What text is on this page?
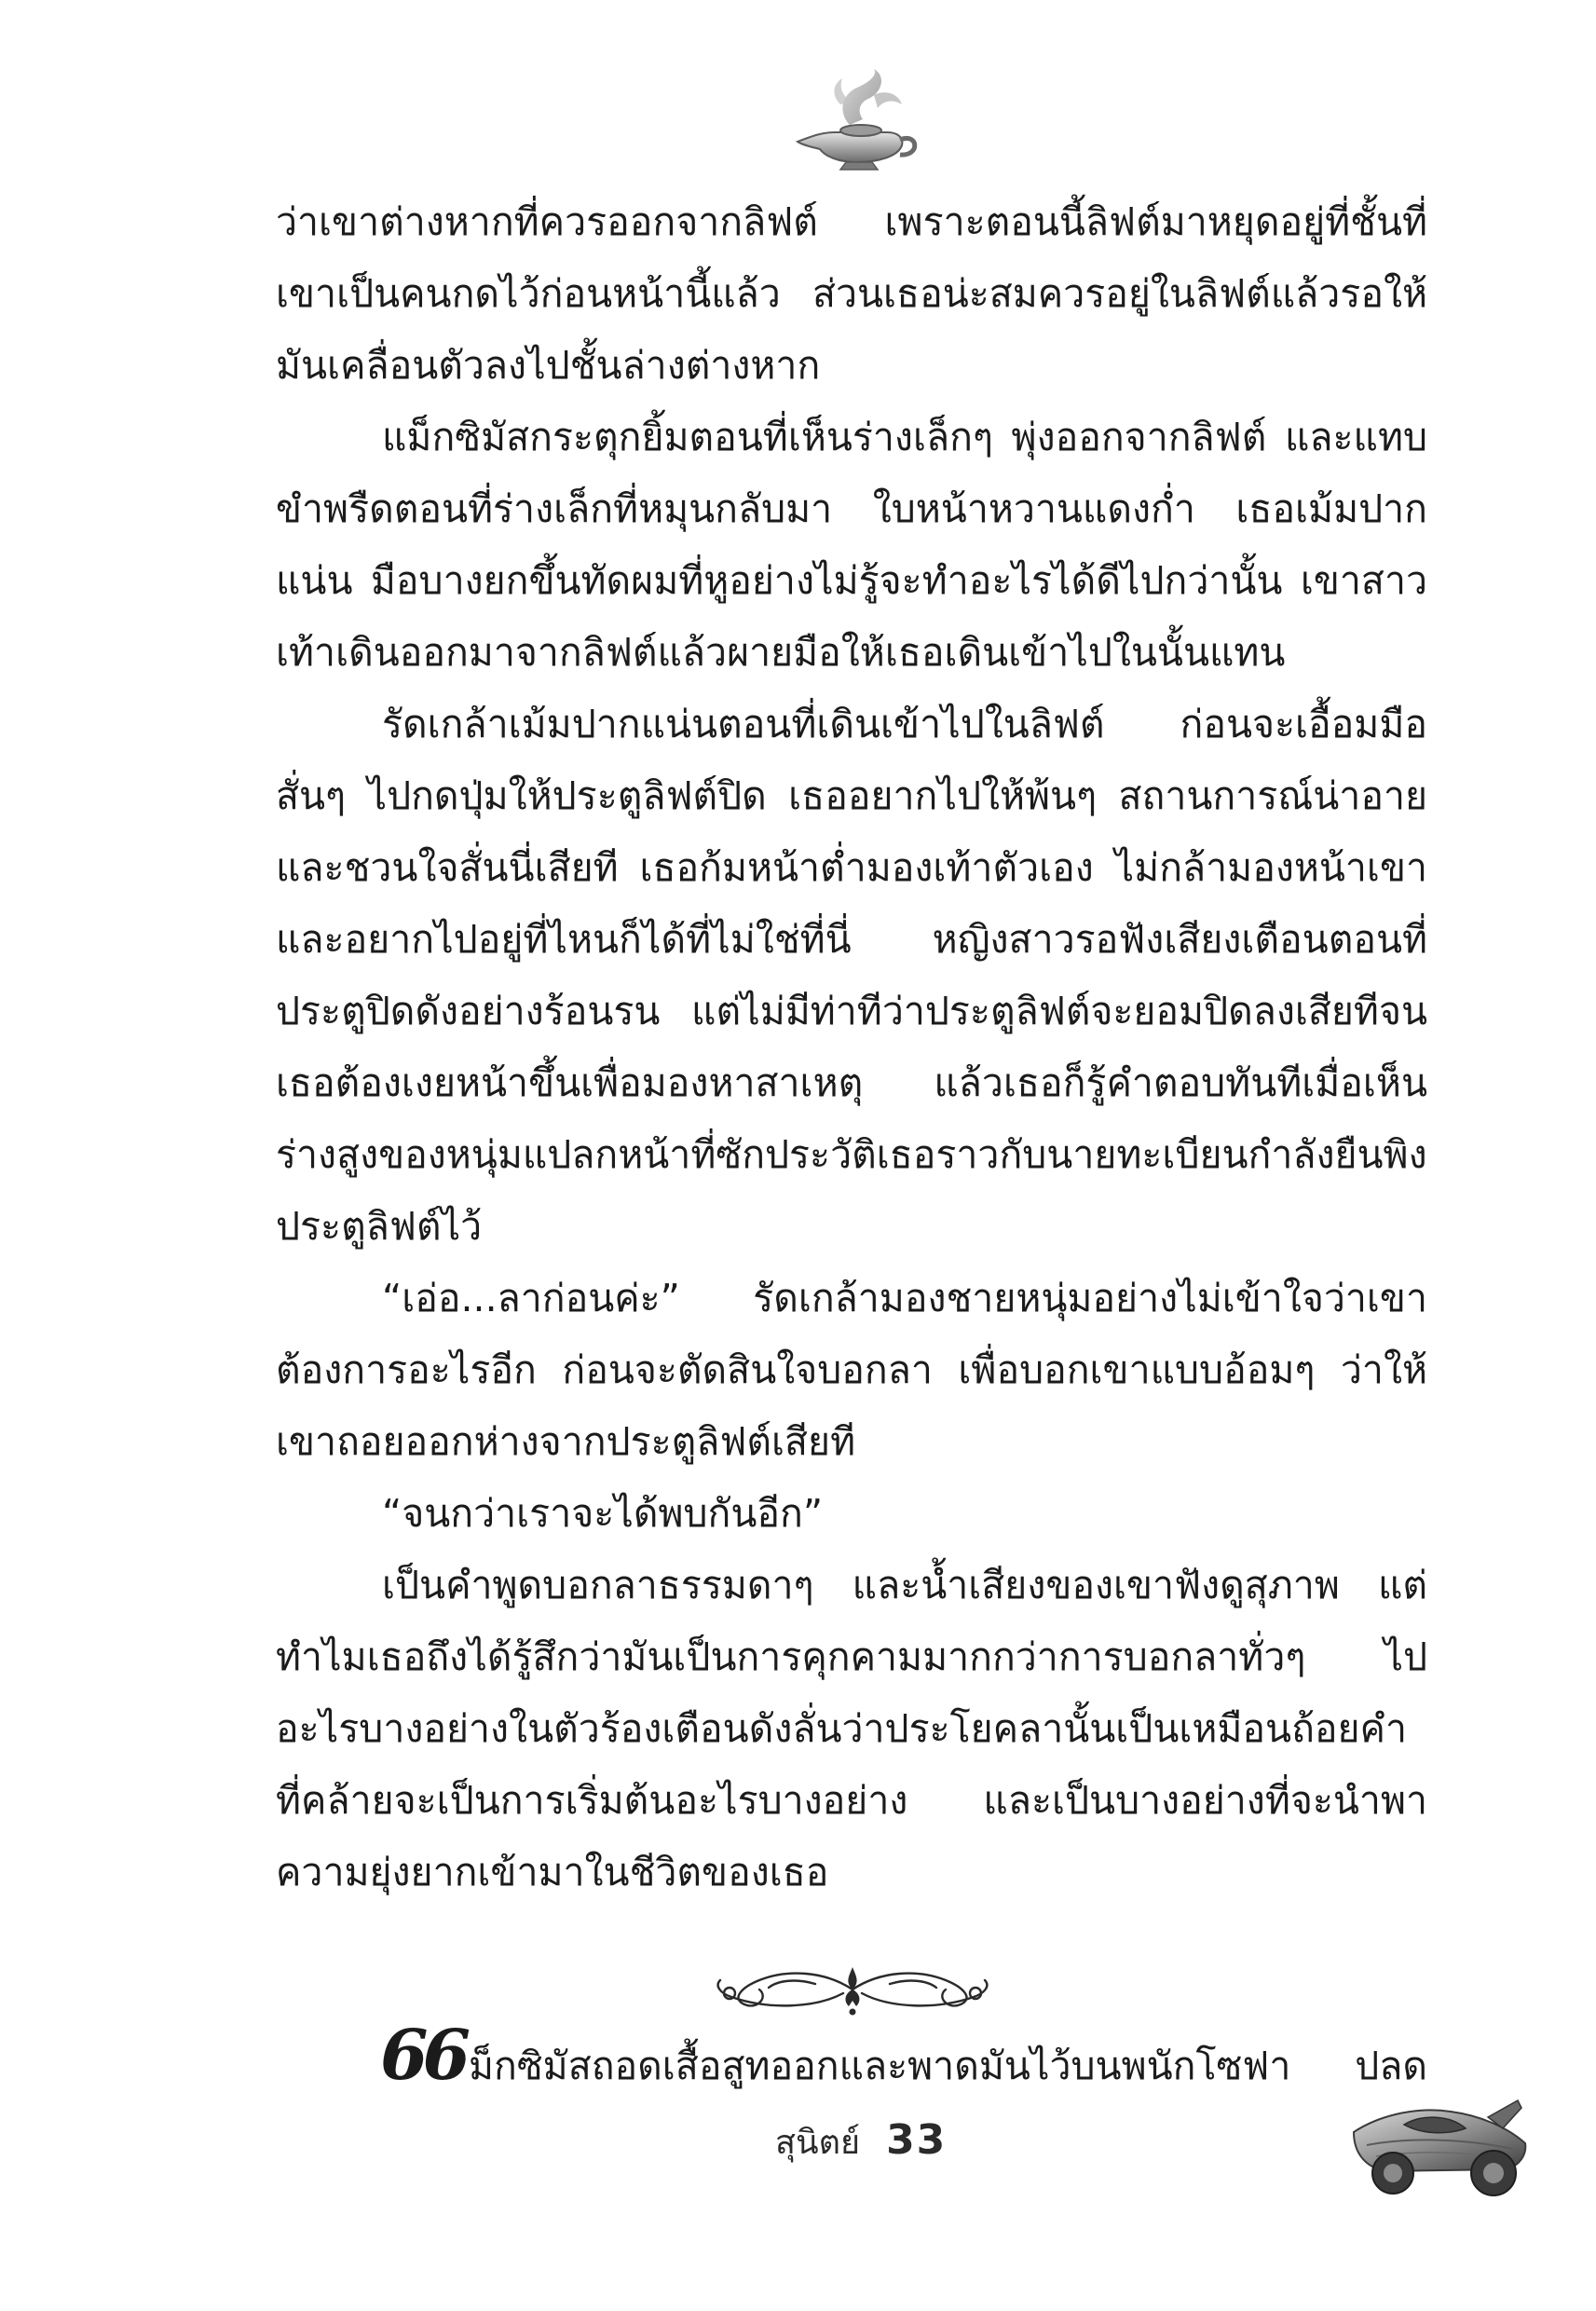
ว่าเขาต่างหากที่ควรออกจากลิฟต์ เพราะตอนนี้ลิฟต์มาหยุดอยู่ที่ชั้นที่เขาเป็นคนกดไว้ก่อนหน้านี้แล้ว ส่วนเธอน่ะสมควรอยู่ในลิฟต์แล้วรอให้มันเคลื่อนตัวลงไปชั้นล่างต่างหาก

แม็กซิมัสกระตุกยิ้มตอนที่เห็นร่างเล็กๆ พุ่งออกจากลิฟต์ และแทบขำพรืดตอนที่ร่างเล็กที่หมุนกลับมา ใบหน้าหวานแดงก่ำ เธอเม้มปากแน่น มือบางยกขึ้นทัดผมที่หูอย่างไม่รู้จะทำอะไรได้ดีไปกว่านั้น เขาสาวเท้าเดินออกมาจากลิฟต์แล้วผายมือให้เธอเดินเข้าไปในนั้นแทน

รัดเกล้าเม้มปากแน่นตอนที่เดินเข้าไปในลิฟต์ ก่อนจะเอื้อมมือสั่นๆ ไปกดปุ่มให้ประตูลิฟต์ปิด เธออยากไปให้พ้นๆ สถานการณ์น่าอายและชวนใจสั่นนี่เสียที เธอก้มหน้าต่ำมองเท้าตัวเอง ไม่กล้ามองหน้าเขาและอยากไปอยู่ที่ไหนก็ได้ที่ไม่ใช่ที่นี่ หญิงสาวรอฟังเสียงเตือนตอนที่ประตูปิดดังอย่างร้อนรน แต่ไม่มีท่าทีว่าประตูลิฟต์จะยอมปิดลงเสียทีจนเธอต้องเงยหน้าขึ้นเพื่อมองหาสาเหตุ แล้วเธอก็รู้คำตอบทันทีเมื่อเห็นร่างสูงของหนุ่มแปลกหน้าที่ซักประวัติเธอราวกับนายทะเบียนกำลังยืนพิงประตูลิฟต์ไว้

“เอ่อ...ลาก่อนค่ะ” รัดเกล้ามองชายหนุ่มอย่างไม่เข้าใจว่าเขาต้องการอะไรอีก ก่อนจะตัดสินใจบอกลา เพื่อบอกเขาแบบอ้อมๆ ว่าให้เขาถอยออกห่างจากประตูลิฟต์เสียที

“จนกว่าเราจะได้พบกันอีก”

เป็นคำพูดบอกลาธรรมดาๆ และน้ำเสียงของเขาฟังดูสุภาพ แต่ทำไมเธอถึงได้รู้สึกว่ามันเป็นการคุกคามมากกว่าการบอกลาทั่วๆ ไป อะไรบางอย่างในตัวร้องเตือนดังลั่นว่าประโยคลานั้นเป็นเหมือนถ้อยคำที่คล้ายจะเป็นการเริ่มต้นอะไรบางอย่าง และเป็นบางอย่างที่จะนำพาความยุ่งยากเข้ามาในชีวิตของเธอ

66 ม็กซิมัสถอดเสื้อสูทออกและพาดมันไว้บนพนักโซฟา ปลด
สุนิตย์ 33
